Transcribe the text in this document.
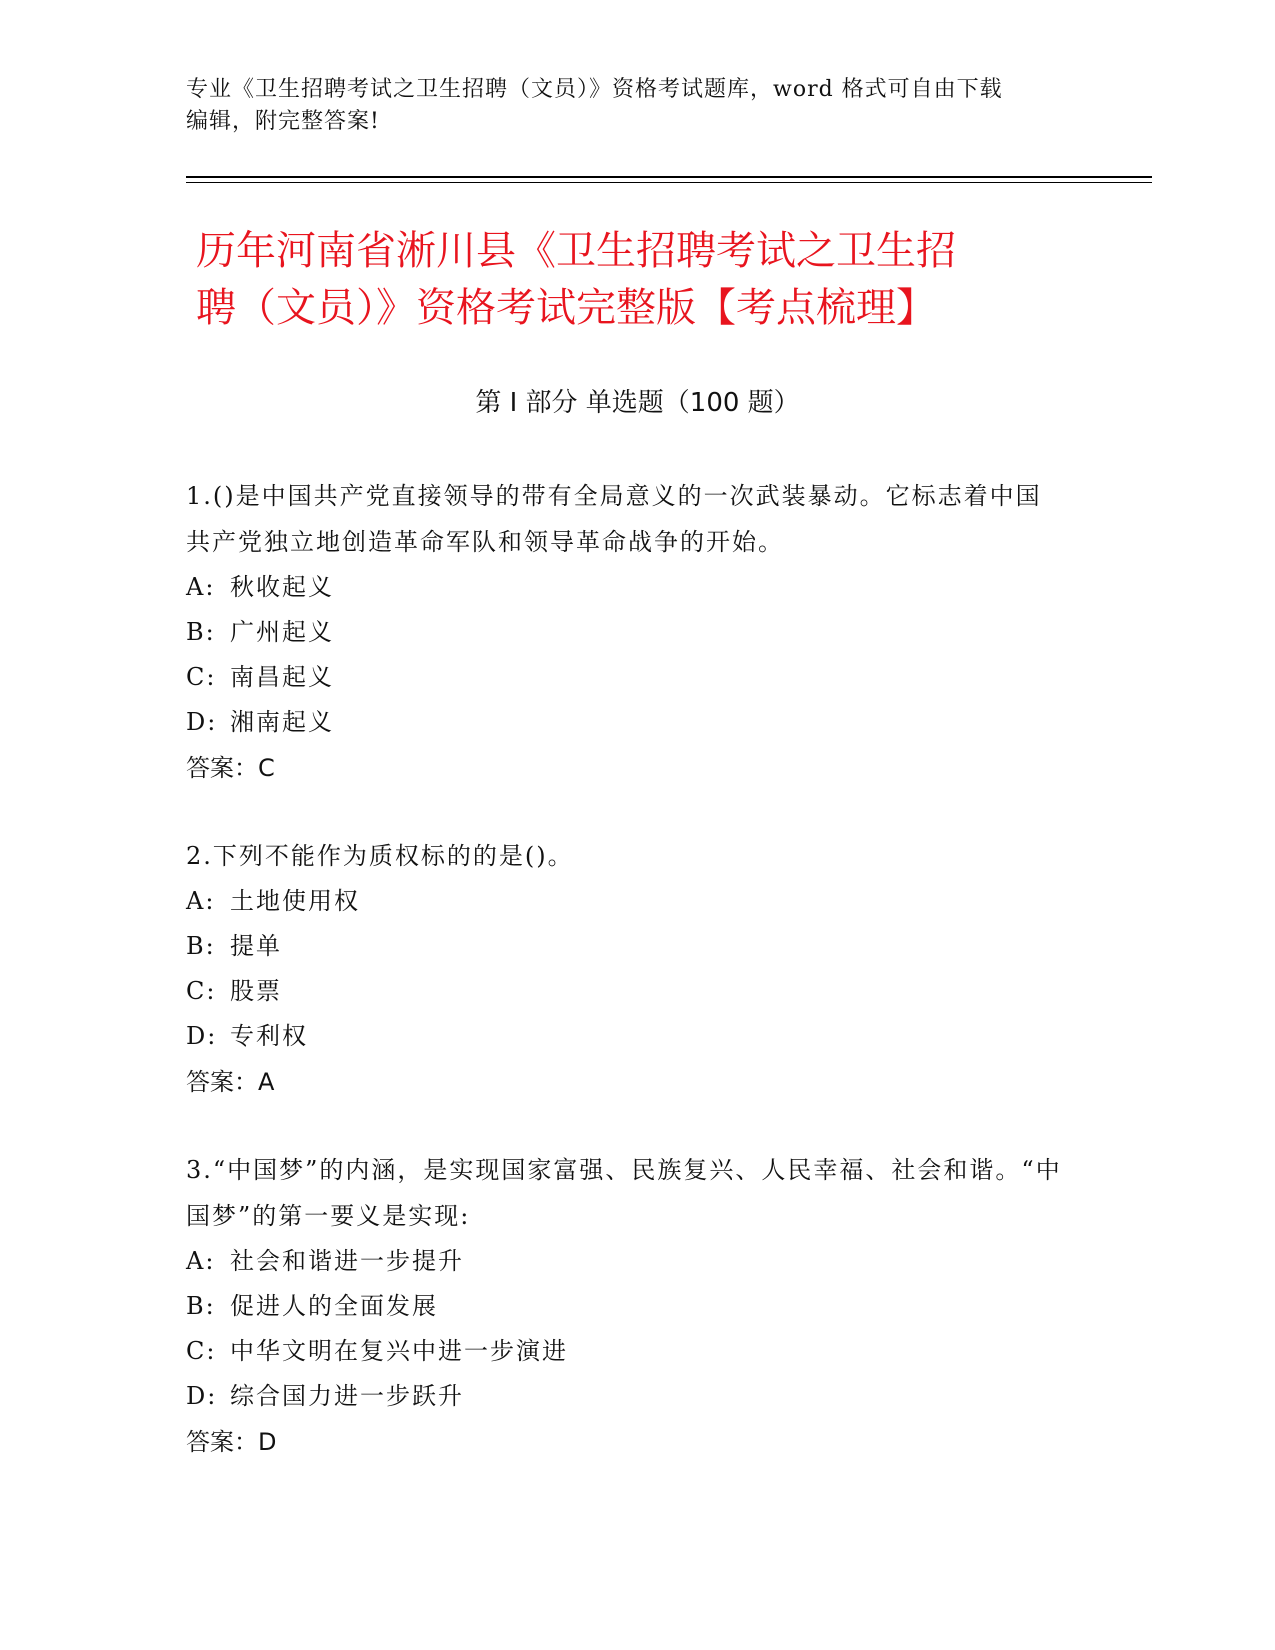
专业《卫生招聘考试之卫生招聘（文员）》资格考试题库，word 格式可自由下载
编辑，附完整答案!
历年河南省淅川县《卫生招聘考试之卫生招
聘（文员）》资格考试完整版【考点梳理】
第 I 部分 单选题（100 题）
1.()是中国共产党直接领导的带有全局意义的一次武装暴动。它标志着中国共产党独立地创造革命军队和领导革命战争的开始。
A: 秋收起义
B: 广州起义
C: 南昌起义
D: 湘南起义
答案：C
2.下列不能作为质权标的的是()。
A: 土地使用权
B: 提单
C: 股票
D: 专利权
答案：A
3.“中国梦”的内涵，是实现国家富强、民族复兴、人民幸福、社会和谐。“中国梦”的第一要义是实现:
A: 社会和谐进一步提升
B: 促进人的全面发展
C: 中华文明在复兴中进一步演进
D: 综合国力进一步跃升
答案：D
